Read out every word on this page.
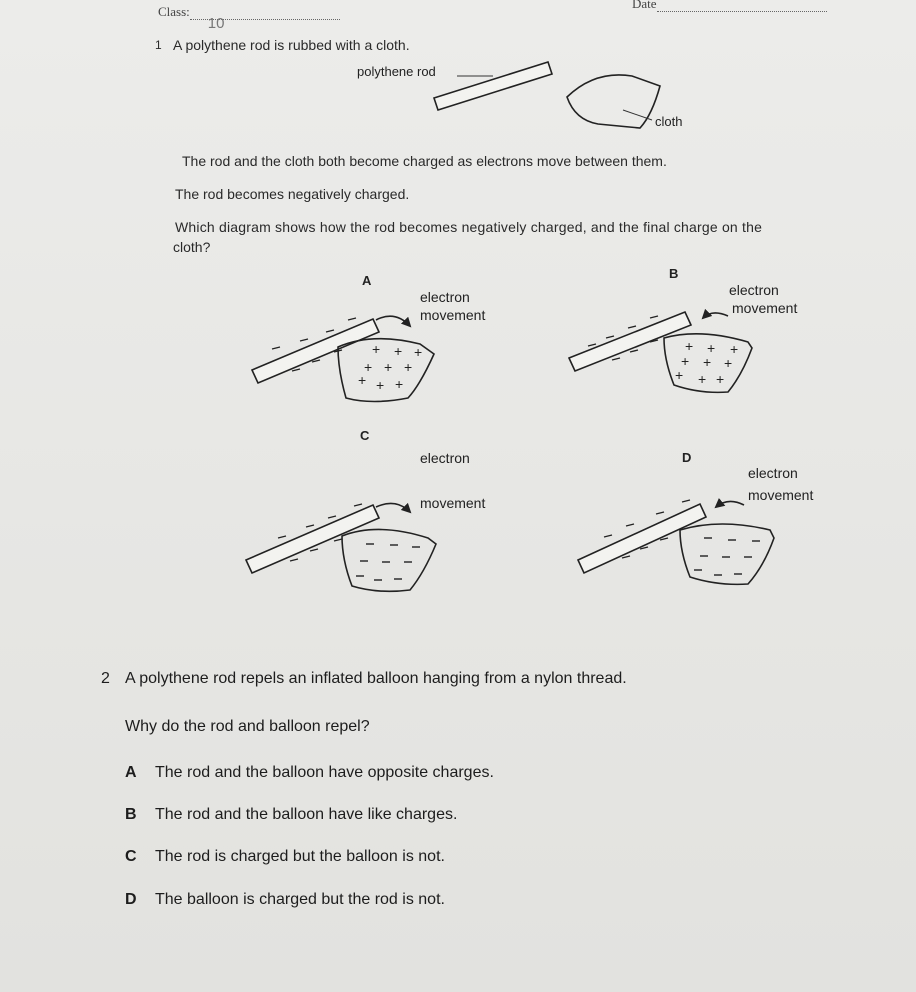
Class:
10
Date
1 A polythene rod is rubbed with a cloth.
polythene rod
cloth
The rod and the cloth both become charged as electrons move between them.
The rod becomes negatively charged.
Which diagram shows how the rod becomes negatively charged, and the final charge on the
cloth?
A
electron
movement
+ + +
+ + +
+ + +
B
electron
movement
+ + +
+ + +
+ + +
C
electron
movement
D
electron
movement
2 A polythene rod repels an inflated balloon hanging from a nylon thread.
Why do the rod and balloon repel?
A The rod and the balloon have opposite charges.
B The rod and the balloon have like charges.
C The rod is charged but the balloon is not.
D The balloon is charged but the rod is not.
